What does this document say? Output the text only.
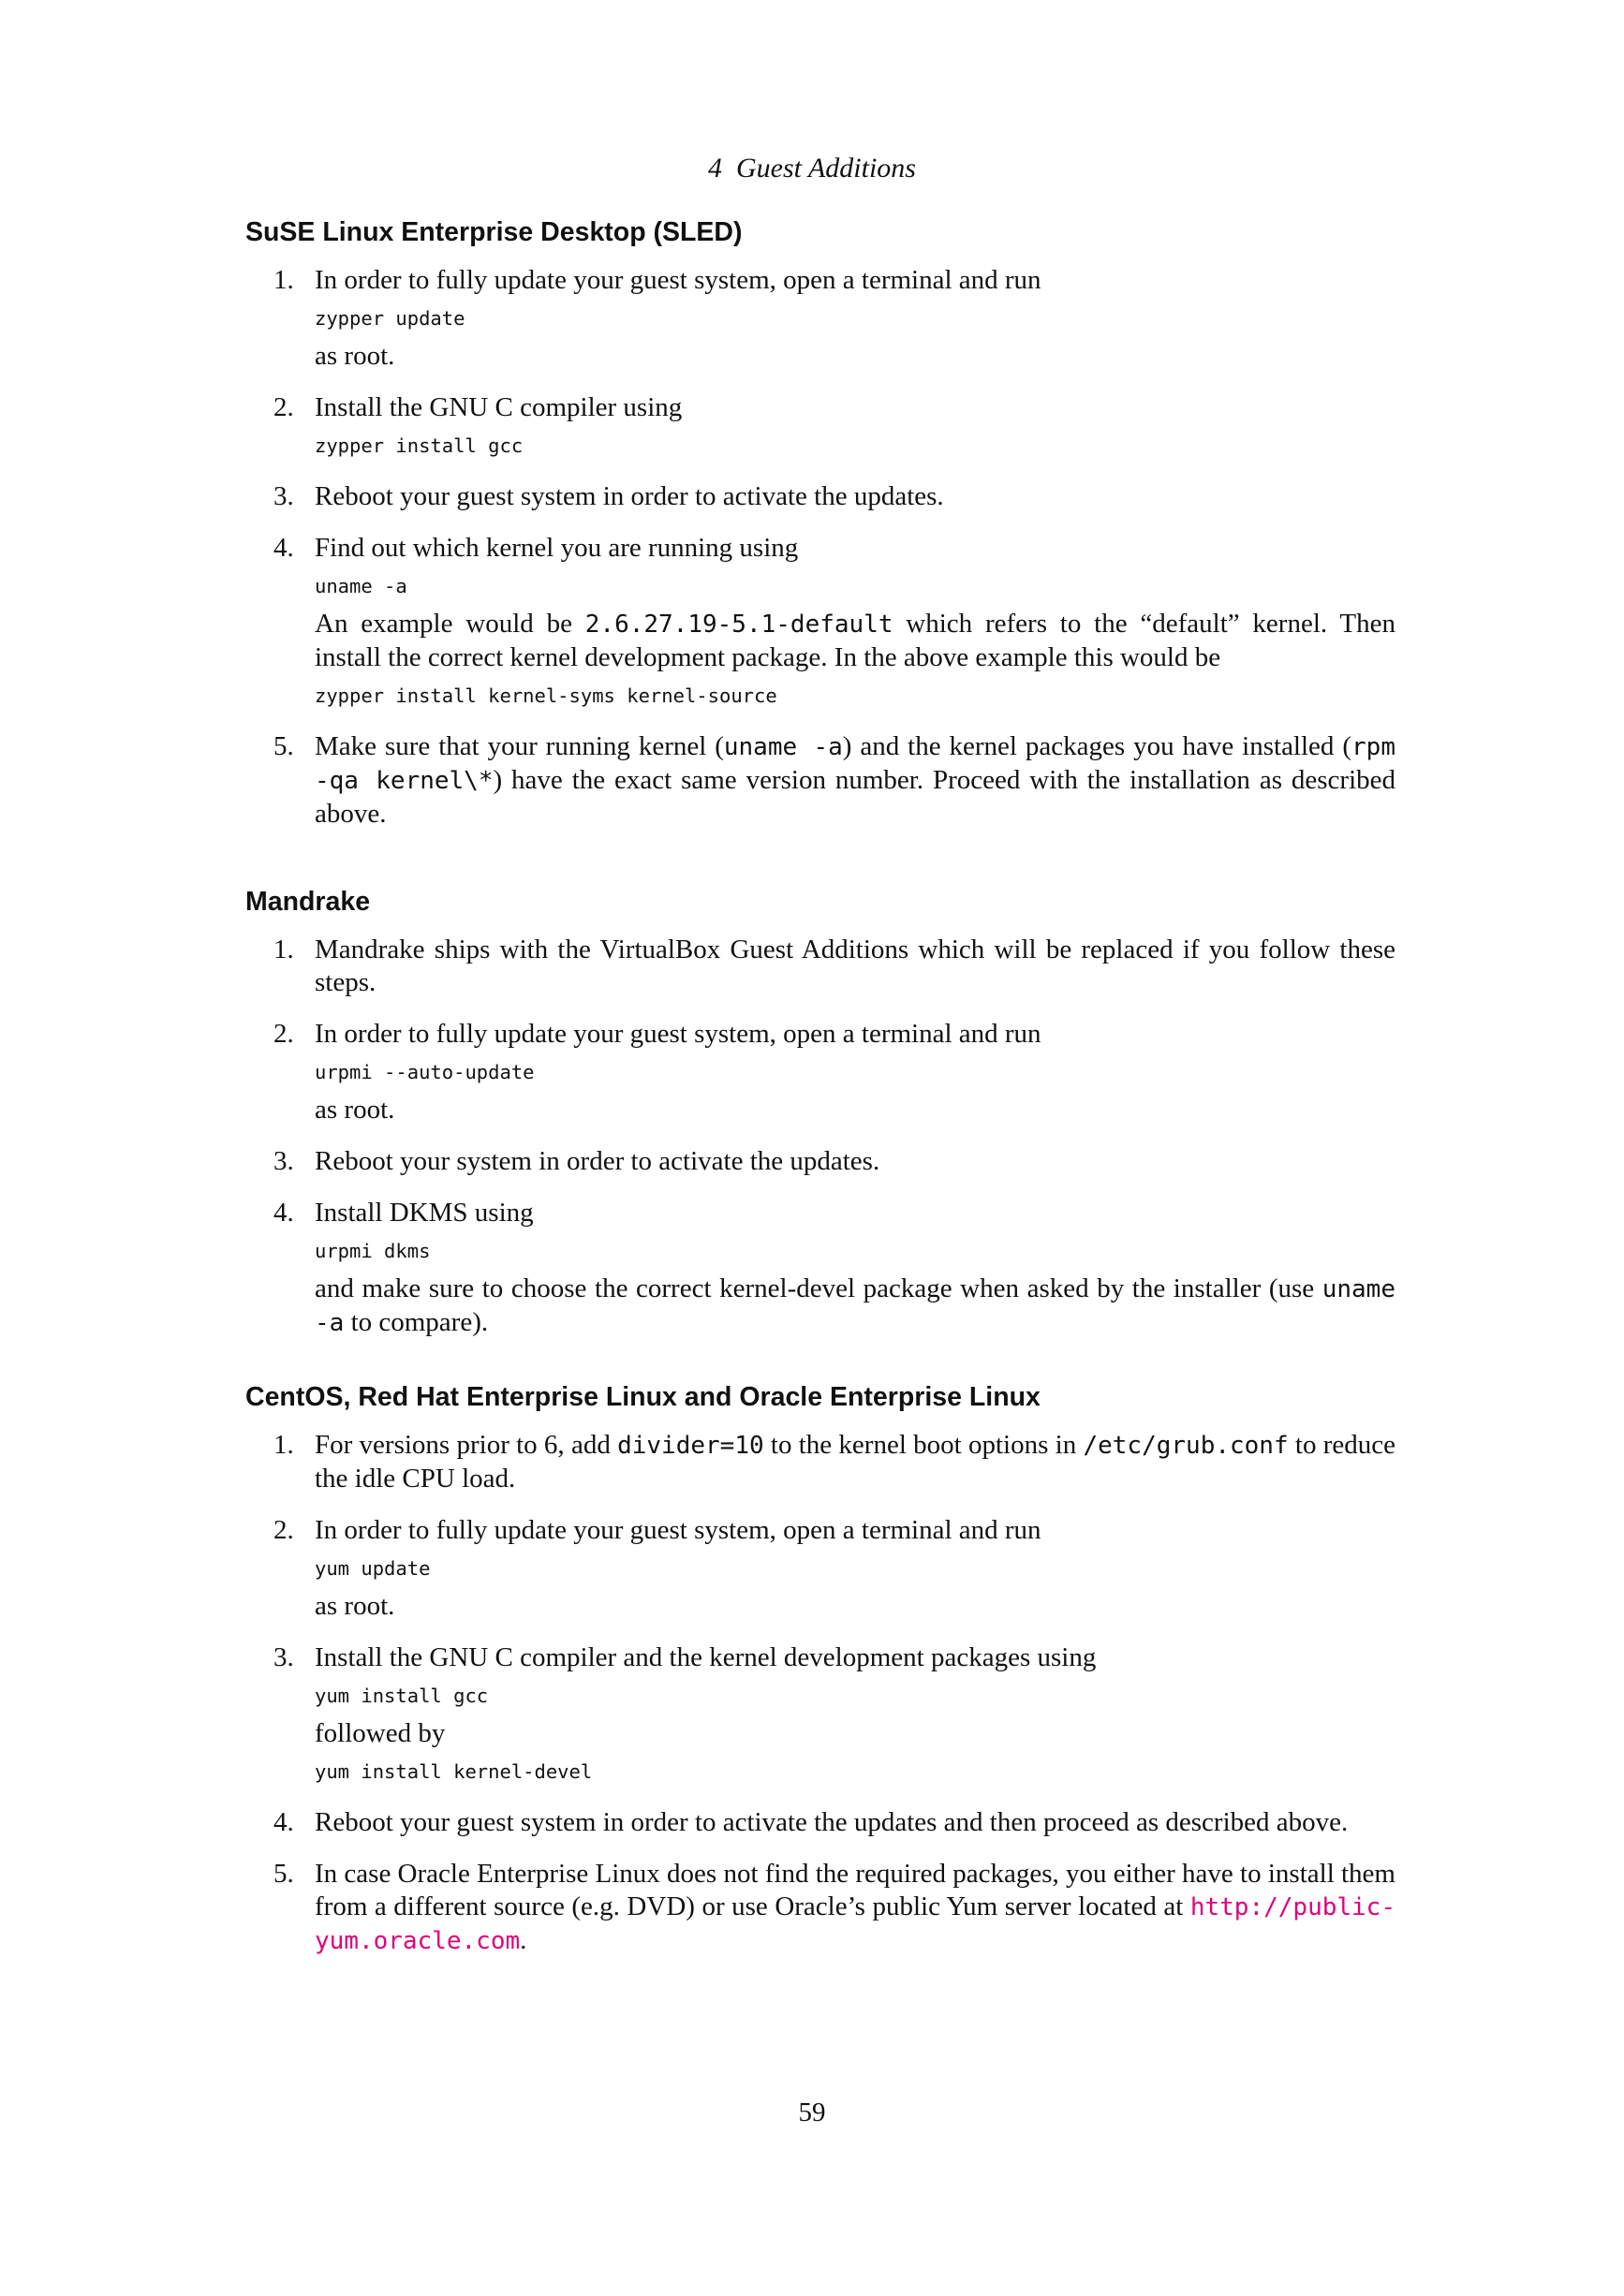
4  Guest Additions
SuSE Linux Enterprise Desktop (SLED)
1. In order to fully update your guest system, open a terminal and run

zypper update

as root.

2. Install the GNU C compiler using

zypper install gcc

3. Reboot your guest system in order to activate the updates.

4. Find out which kernel you are running using

uname -a

An example would be 2.6.27.19-5.1-default which refers to the “default” kernel. Then install the correct kernel development package. In the above example this would be

zypper install kernel-syms kernel-source

5. Make sure that your running kernel (uname -a) and the kernel packages you have installed (rpm -qa kernel\*) have the exact same version number. Proceed with the installation as described above.

Mandrake
1. Mandrake ships with the VirtualBox Guest Additions which will be replaced if you follow these steps.

2. In order to fully update your guest system, open a terminal and run

urpmi --auto-update

as root.

3. Reboot your system in order to activate the updates.

4. Install DKMS using

urpmi dkms

and make sure to choose the correct kernel-devel package when asked by the installer (use uname -a to compare).

CentOS, Red Hat Enterprise Linux and Oracle Enterprise Linux
1. For versions prior to 6, add divider=10 to the kernel boot options in /etc/grub.conf to reduce the idle CPU load.

2. In order to fully update your guest system, open a terminal and run

yum update

as root.

3. Install the GNU C compiler and the kernel development packages using

yum install gcc

followed by

yum install kernel-devel

4. Reboot your guest system in order to activate the updates and then proceed as described above.

5. In case Oracle Enterprise Linux does not find the required packages, you either have to install them from a different source (e.g. DVD) or use Oracle’s public Yum server located at http://public-yum.oracle.com.

59
